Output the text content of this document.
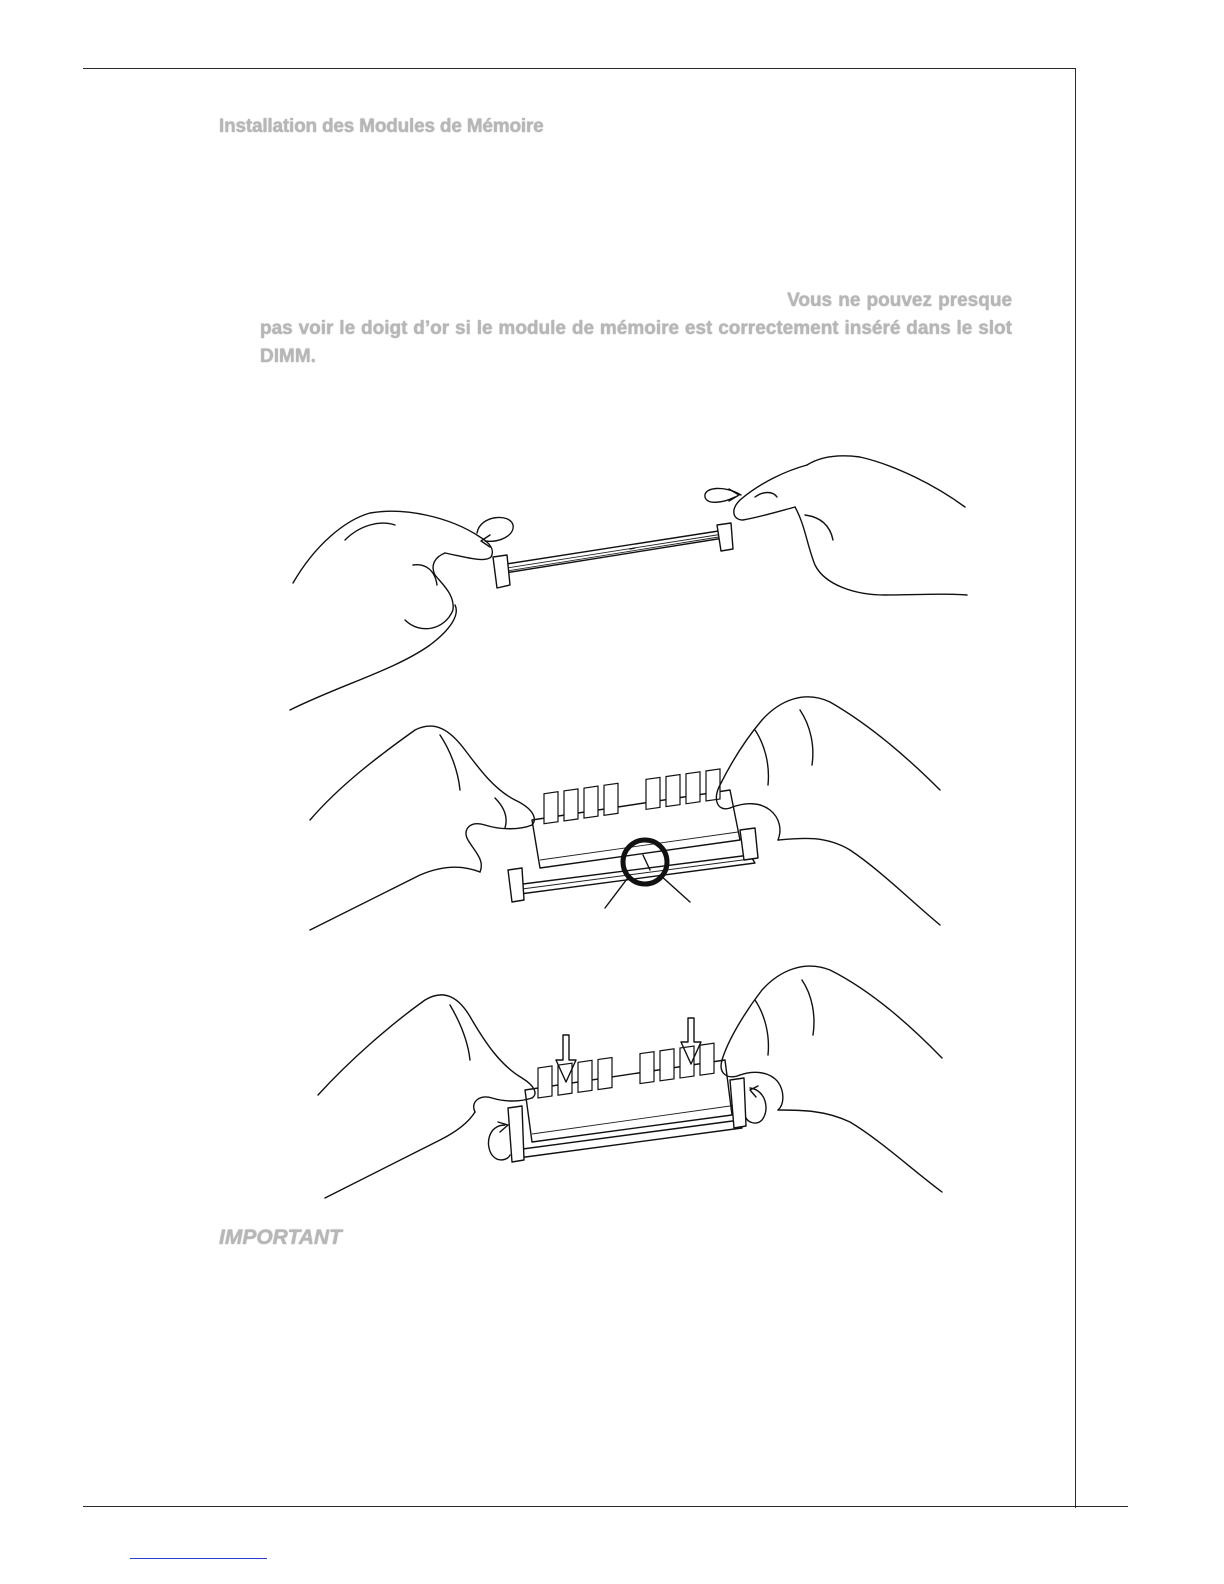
Installation des Modules de Mémoire
Insérez le module de mémoire verticalement dans le slot. Vous ne pouvez presque pas voir le doigt d’or si le module de mémoire est correctement inséré dans le slot DIMM.
IMPORTANT
